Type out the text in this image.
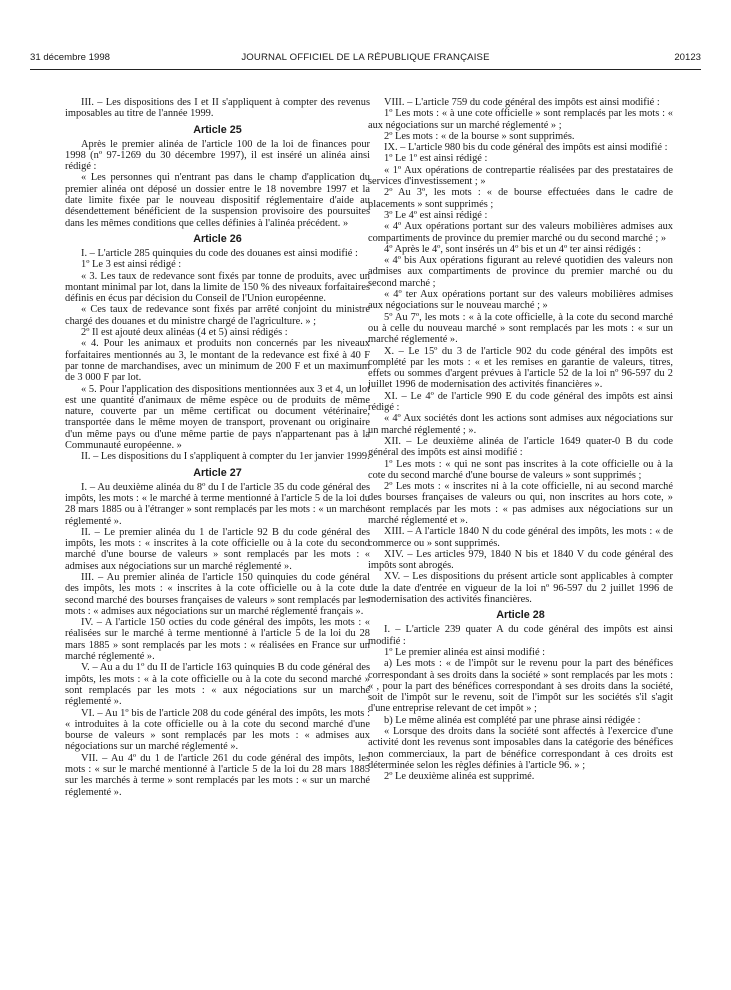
31 décembre 1998	JOURNAL OFFICIEL DE LA RÉPUBLIQUE FRANÇAISE	20123

III. – Les dispositions des I et II s'appliquent à compter des revenus imposables au titre de l'année 1999.

Article 25

Après le premier alinéa de l'article 100 de la loi de finances pour 1998 (nº 97-1269 du 30 décembre 1997), il est inséré un alinéa ainsi rédigé :

« Les personnes qui n'entrant pas dans le champ d'application du premier alinéa ont déposé un dossier entre le 18 novembre 1997 et la date limite fixée par le nouveau dispositif réglementaire d'aide au désendettement bénéficient de la suspension provisoire des poursuites dans les mêmes conditions que celles définies à l'alinéa précédent. »

Article 26

I. – L'article 285 quinquies du code des douanes est ainsi modifié :

1º Le 3 est ainsi rédigé :

« 3. Les taux de redevance sont fixés par tonne de produits, avec un montant minimal par lot, dans la limite de 150 % des niveaux forfaitaires définis en écus par décision du Conseil de l'Union européenne.

« Ces taux de redevance sont fixés par arrêté conjoint du ministre chargé des douanes et du ministre chargé de l'agriculture. » ;

2º Il est ajouté deux alinéas (4 et 5) ainsi rédigés :

« 4. Pour les animaux et produits non concernés par les niveaux forfaitaires mentionnés au 3, le montant de la redevance est fixé à 40 F par tonne de marchandises, avec un minimum de 200 F et un maximum de 3 000 F par lot.

« 5. Pour l'application des dispositions mentionnées aux 3 et 4, un lot est une quantité d'animaux de même espèce ou de produits de même nature, couverte par un même certificat ou document vétérinaire, transportée dans le même moyen de transport, provenant ou originaire d'un même pays ou d'une même partie de pays n'appartenant pas à la Communauté européenne. »

II. – Les dispositions du I s'appliquent à compter du 1er janvier 1999.

Article 27

I. – Au deuxième alinéa du 8º du I de l'article 35 du code général des impôts, les mots : « le marché à terme mentionné à l'article 5 de la loi du 28 mars 1885 ou à l'étranger » sont remplacés par les mots : « un marché réglementé ».

II. – Le premier alinéa du 1 de l'article 92 B du code général des impôts, les mots : « inscrites à la cote officielle ou à la cote du second marché d'une bourse de valeurs » sont remplacés par les mots : « admises aux négociations sur un marché réglementé ».

III. – Au premier alinéa de l'article 150 quinquies du code général des impôts, les mots : « inscrites à la cote officielle ou à la cote du second marché des bourses françaises de valeurs » sont remplacés par les mots : « admises aux négociations sur un marché réglementé français ».

IV. – A l'article 150 octies du code général des impôts, les mots : « réalisées sur le marché à terme mentionné à l'article 5 de la loi du 28 mars 1885 » sont remplacés par les mots : « réalisées en France sur un marché réglementé ».

V. – Au a du 1º du II de l'article 163 quinquies B du code général des impôts, les mots : « à la cote officielle ou à la cote du second marché » sont remplacés par les mots : « aux négociations sur un marché réglementé ».

VI. – Au 1º bis de l'article 208 du code général des impôts, les mots : « introduites à la cote officielle ou à la cote du second marché d'une bourse de valeurs » sont remplacés par les mots : « admises aux négociations sur un marché réglementé ».

VII. – Au 4º du 1 de l'article 261 du code général des impôts, les mots : « sur le marché mentionné à l'article 5 de la loi du 28 mars 1885 sur les marchés à terme » sont remplacés par les mots : « sur un marché réglementé ».

VIII. – L'article 759 du code général des impôts est ainsi modifié :

1º Les mots : « à une cote officielle » sont remplacés par les mots : « aux négociations sur un marché réglementé » ;

2º Les mots : « de la bourse » sont supprimés.

IX. – L'article 980 bis du code général des impôts est ainsi modifié :

1º Le 1º est ainsi rédigé :

« 1º Aux opérations de contrepartie réalisées par des prestataires de services d'investissement ; »

2º Au 3º, les mots : « de bourse effectuées dans le cadre de placements » sont supprimés ;

3º Le 4º est ainsi rédigé :

« 4º Aux opérations portant sur des valeurs mobilières admises aux compartiments de province du premier marché ou du second marché ; »

4º Après le 4º, sont insérés un 4º bis et un 4º ter ainsi rédigés :

« 4º bis Aux opérations figurant au relevé quotidien des valeurs non admises aux compartiments de province du premier marché ou du second marché ;

« 4º ter Aux opérations portant sur des valeurs mobilières admises aux négociations sur le nouveau marché ; »

5º Au 7º, les mots : « à la cote officielle, à la cote du second marché ou à celle du nouveau marché » sont remplacés par les mots : « sur un marché réglementé ».

X. – Le 15º du 3 de l'article 902 du code général des impôts est complété par les mots : « et les remises en garantie de valeurs, titres, effets ou sommes d'argent prévues à l'article 52 de la loi nº 96-597 du 2 juillet 1996 de modernisation des activités financières ».

XI. – Le 4º de l'article 990 E du code général des impôts est ainsi rédigé :

« 4º Aux sociétés dont les actions sont admises aux négociations sur un marché réglementé ; ».

XII. – Le deuxième alinéa de l'article 1649 quater-0 B du code général des impôts est ainsi modifié :

1º Les mots : « qui ne sont pas inscrites à la cote officielle ou à la cote du second marché d'une bourse de valeurs » sont supprimés ;

2º Les mots : « inscrites ni à la cote officielle, ni au second marché des bourses françaises de valeurs ou qui, non inscrites au hors cote, » sont remplacés par les mots : « pas admises aux négociations sur un marché réglementé et ».

XIII. – A l'article 1840 N du code général des impôts, les mots : « de commerce ou » sont supprimés.

XIV. – Les articles 979, 1840 N bis et 1840 V du code général des impôts sont abrogés.

XV. – Les dispositions du présent article sont applicables à compter de la date d'entrée en vigueur de la loi nº 96-597 du 2 juillet 1996 de modernisation des activités financières.

Article 28

I. – L'article 239 quater A du code général des impôts est ainsi modifié :

1º Le premier alinéa est ainsi modifié :

a) Les mots : « de l'impôt sur le revenu pour la part des bénéfices correspondant à ses droits dans la société » sont remplacés par les mots : « , pour la part des bénéfices correspondant à ses droits dans la société, soit de l'impôt sur le revenu, soit de l'impôt sur les sociétés s'il s'agit d'une entreprise relevant de cet impôt » ;

b) Le même alinéa est complété par une phrase ainsi rédigée :

« Lorsque des droits dans la société sont affectés à l'exercice d'une activité dont les revenus sont imposables dans la catégorie des bénéfices non commerciaux, la part de bénéfice correspondant à ces droits est déterminée selon les règles définies à l'article 96. » ;

2º Le deuxième alinéa est supprimé.
